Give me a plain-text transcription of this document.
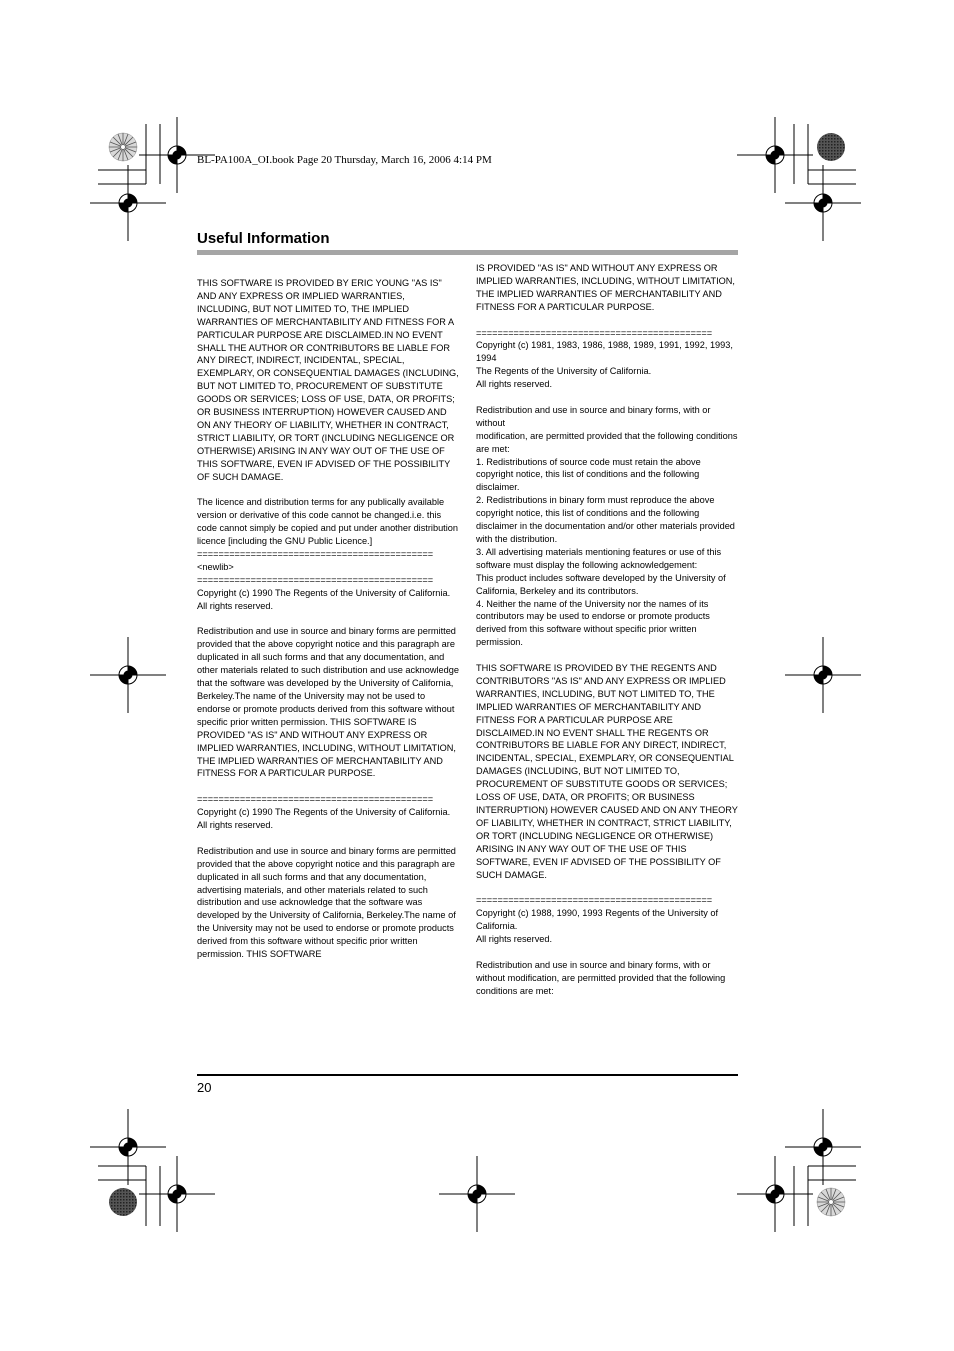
BL-PA100A_OI.book Page 20 Thursday, March 16, 2006 4:14 PM
Useful Information

THIS SOFTWARE IS PROVIDED BY ERIC YOUNG "AS IS" AND ANY EXPRESS OR IMPLIED WARRANTIES, INCLUDING, BUT NOT LIMITED TO, THE IMPLIED WARRANTIES OF MERCHANTABILITY AND FITNESS FOR A PARTICULAR PURPOSE ARE DISCLAIMED.IN NO EVENT SHALL THE AUTHOR OR CONTRIBUTORS BE LIABLE FOR ANY DIRECT, INDIRECT, INCIDENTAL, SPECIAL, EXEMPLARY, OR CONSEQUENTIAL DAMAGES (INCLUDING, BUT NOT LIMITED TO, PROCUREMENT OF SUBSTITUTE GOODS OR SERVICES; LOSS OF USE, DATA, OR PROFITS; OR BUSINESS INTERRUPTION) HOWEVER CAUSED AND ON ANY THEORY OF LIABILITY, WHETHER IN CONTRACT, STRICT LIABILITY, OR TORT (INCLUDING NEGLIGENCE OR OTHERWISE) ARISING IN ANY WAY OUT OF THE USE OF THIS SOFTWARE, EVEN IF ADVISED OF THE POSSIBILITY OF SUCH DAMAGE.

The licence and distribution terms for any publically available version or derivative of this code cannot be changed.i.e. this code cannot simply be copied and put under another distribution licence [including the GNU Public Licence.]

============================================

<newlib>

============================================

Copyright (c) 1990 The Regents of the University of California.

All rights reserved.

Redistribution and use in source and binary forms are permitted provided that the above copyright notice and this paragraph are duplicated in all such forms and that any documentation, and other materials related to such distribution and use acknowledge that the software was developed by the University of California, Berkeley.The name of the University may not be used to endorse or promote products derived from this software without specific prior written permission. THIS SOFTWARE IS PROVIDED "AS IS" AND WITHOUT ANY EXPRESS OR IMPLIED WARRANTIES, INCLUDING, WITHOUT LIMITATION, THE IMPLIED WARRANTIES OF MERCHANTABILITY AND FITNESS FOR A PARTICULAR PURPOSE.

============================================

Copyright (c) 1990 The Regents of the University of California.

All rights reserved.

Redistribution and use in source and binary forms are permitted provided that the above copyright notice and this paragraph are duplicated in all such forms and that any documentation, advertising materials, and other materials related to such distribution and use acknowledge that the software was developed by the University of California, Berkeley.The name of the University may not be used to endorse or promote products derived from this software without specific prior written permission. THIS SOFTWARE

IS PROVIDED "AS IS" AND WITHOUT ANY EXPRESS OR IMPLIED WARRANTIES, INCLUDING, WITHOUT LIMITATION, THE IMPLIED WARRANTIES OF MERCHANTABILITY AND FITNESS FOR A PARTICULAR PURPOSE.

============================================

Copyright (c) 1981, 1983, 1986, 1988, 1989, 1991, 1992, 1993, 1994

The Regents of the University of California.

All rights reserved.

Redistribution and use in source and binary forms, with or without

modification, are permitted provided that the following conditions are met:

1. Redistributions of source code must retain the above copyright notice, this list of conditions and the following disclaimer.

2. Redistributions in binary form must reproduce the above copyright notice, this list of conditions and the following disclaimer in the documentation and/or other materials provided with the distribution.

3. All advertising materials mentioning features or use of this software must display the following acknowledgement:

This product includes software developed by the University of California, Berkeley and its contributors.

4. Neither the name of the University nor the names of its contributors may be used to endorse or promote products derived from this software without specific prior written permission.

THIS SOFTWARE IS PROVIDED BY THE REGENTS AND CONTRIBUTORS "AS IS" AND ANY EXPRESS OR IMPLIED WARRANTIES, INCLUDING, BUT NOT LIMITED TO, THE IMPLIED WARRANTIES OF MERCHANTABILITY AND FITNESS FOR A PARTICULAR PURPOSE ARE DISCLAIMED.IN NO EVENT SHALL THE REGENTS OR CONTRIBUTORS BE LIABLE FOR ANY DIRECT, INDIRECT, INCIDENTAL, SPECIAL, EXEMPLARY, OR CONSEQUENTIAL DAMAGES (INCLUDING, BUT NOT LIMITED TO, PROCUREMENT OF SUBSTITUTE GOODS OR SERVICES; LOSS OF USE, DATA, OR PROFITS; OR BUSINESS INTERRUPTION) HOWEVER CAUSED AND ON ANY THEORY OF LIABILITY, WHETHER IN CONTRACT, STRICT LIABILITY, OR TORT (INCLUDING NEGLIGENCE OR OTHERWISE) ARISING IN ANY WAY OUT OF THE USE OF THIS SOFTWARE, EVEN IF ADVISED OF THE POSSIBILITY OF SUCH DAMAGE.

============================================

Copyright (c) 1988, 1990, 1993 Regents of the University of California.

All rights reserved.

Redistribution and use in source and binary forms, with or without modification, are permitted provided that the following conditions are met:

20
